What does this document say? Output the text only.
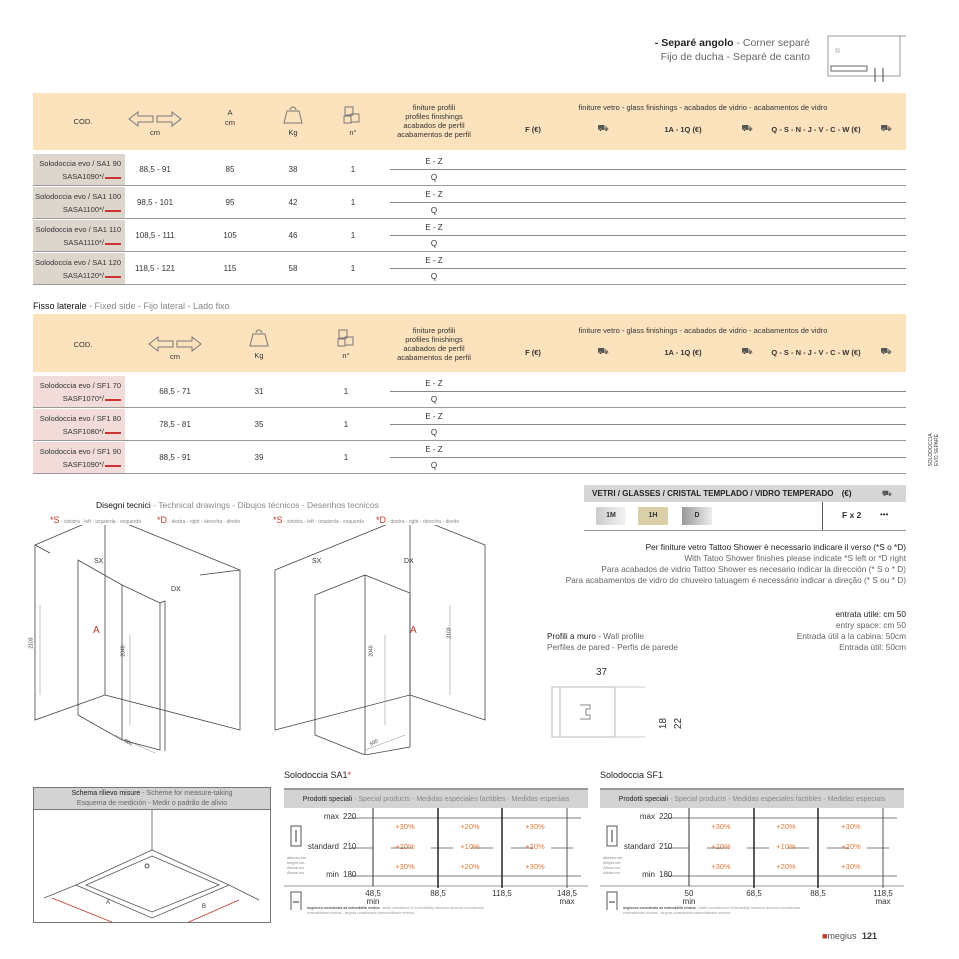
- Separé angolo - Corner separé
Fijo de ducha - Separé de canto
SOLODOCCIA EVO SEPARÉ
COD.
cm
A
cm
Kg	n°
finiture profili
profiles finishings
acabados de perfil
acabamentos de perfil
finiture vetro - glass finishings - acabados de vidrio - acabamentos de vidro
F (€)	⛟	1A - 1Q (€)	⛟	Q - S - N - J - V - C - W (€)	⛟
Solodoccia evo / SA1 90
SASA1090*/
88,5 - 91	85	38	1
E - Z
Q
Solodoccia evo / SA1 100
SASA1100*/
98,5 - 101	95	42	1
E - Z
Q
Solodoccia evo / SA1 110
SASA1110*/
108,5 - 111	105	46	1
E - Z
Q
Solodoccia evo / SA1 120
SASA1120*/
118,5 - 121	115	58	1
E - Z
Q
Fisso laterale - Fixed side - Fijo lateral - Lado fixo
COD.
cm	Kg	n°
finiture profili
profiles finishings
acabados de perfil
acabamentos de perfil
finiture vetro - glass finishings - acabados de vidrio - acabamentos de vidro
F (€)	⛟	1A - 1Q (€)	⛟	Q - S - N - J - V - C - W (€)	⛟
Solodoccia evo / SF1 70
SASF1070*/
68,5 - 71	31	1
E - Z
Q
Solodoccia evo / SF1 80
SASF1080*/
78,5 - 81	35	1
E - Z
Q
Solodoccia evo / SF1 90
SASF1090*/
88,5 - 91	39	1
E - Z
Q
VETRI / GLASSES / CRISTAL TEMPLADO / VIDRO TEMPERADO (€)	⛟
1M	1H	D	F x 2 •••
Per finiture vetro Tattoo Shower è necessario indicare il verso (*S o *D)
With Tatoo Shower finishes please indicate *S left or *D right
Para acabados de vidrio Tattoo Shower es necesario indicar la dirección (* S o * D)
Para acabamentos de vidro do chuveiro tatuagem é necessário indicar a direção (* S ou * D)
entrata utile: cm 50
entry space: cm 50
Entrada útil a la cabina: 50cm
Entrada útil: 50cm
Profili a muro - Wall profile
Perfiles de pared - Perfis de parede
37
18 22
Disegni tecnici - Technical drawings - Dibujos técnicos - Desenhos tecnicos
*S - sinistra - left - izquierda - esquerda *D - destra - right - derecha - direito	*S - sinistra - left - izquierda - esquerda *D - destra - right - derecha - direito
SX
DX
A
2103
2040
500
SX	DX
A
2040
2103
500
Schema rilievo misure - Scheme for measure-taking
Esquema de medición - Medir o padrão de alivio
A
B
Solodoccia SA1*
Prodotti speciali - Special products - Medidas especiales factibles - Medidas especiais
max 220
standard 210
min 180
altezza cm. height cm. Altura cm. Altura cm.
+30%	+20%	+30%
+20%	+10%	+20%
+30%	+20%	+30%
48,5	88,5	118,5	148,5
min	max
larghezza considerata ad estensibilità minima - width considered to Extensibility minimum anchura considerada extensibilidad mínima - largura considerada extensibilidade mínima
Solodoccia SF1
Prodotti speciali - Special products - Medidas especiales factibles - Medidas especiais
max 220
standard 210
min 180
altezza cm. height cm. Altura cm. Altura cm.
+30%	+20%	+30%
+20%	+10%	+20%
+30%	+20%	+30%
50	68,5	88,5	118,5
min	max
larghezza considerata ad estensibilità minima - width considered to Extensibility minimum anchura considerada extensibilidad mínima - largura considerada extensibilidade mínima
■megius 121
